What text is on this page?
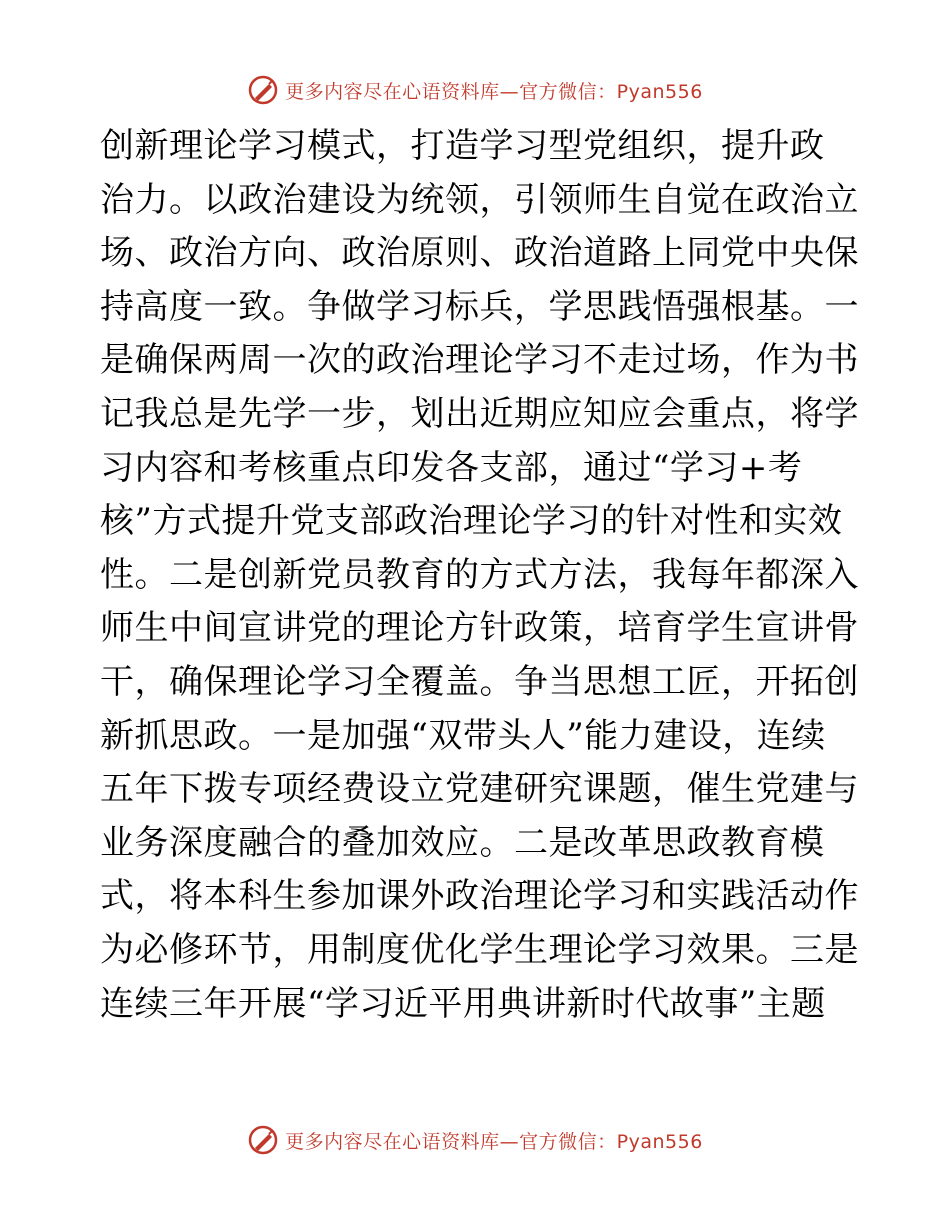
更多内容尽在心语资料库—官方微信：Pyan556
创新理论学习模式，打造学习型党组织，提升政
治力。以政治建设为统领，引领师生自觉在政治立
场、政治方向、政治原则、政治道路上同党中央保
持高度一致。争做学习标兵，学思践悟强根基。一
是确保两周一次的政治理论学习不走过场，作为书
记我总是先学一步，划出近期应知应会重点，将学
习内容和考核重点印发各支部，通过“学习+考
核”方式提升党支部政治理论学习的针对性和实效
性。二是创新党员教育的方式方法，我每年都深入
师生中间宣讲党的理论方针政策，培育学生宣讲骨
干，确保理论学习全覆盖。争当思想工匠，开拓创
新抓思政。一是加强“双带头人”能力建设，连续
五年下拨专项经费设立党建研究课题，催生党建与
业务深度融合的叠加效应。二是改革思政教育模
式，将本科生参加课外政治理论学习和实践活动作
为必修环节，用制度优化学生理论学习效果。三是
连续三年开展“学习近平用典讲新时代故事”主题
更多内容尽在心语资料库—官方微信：Pyan556
